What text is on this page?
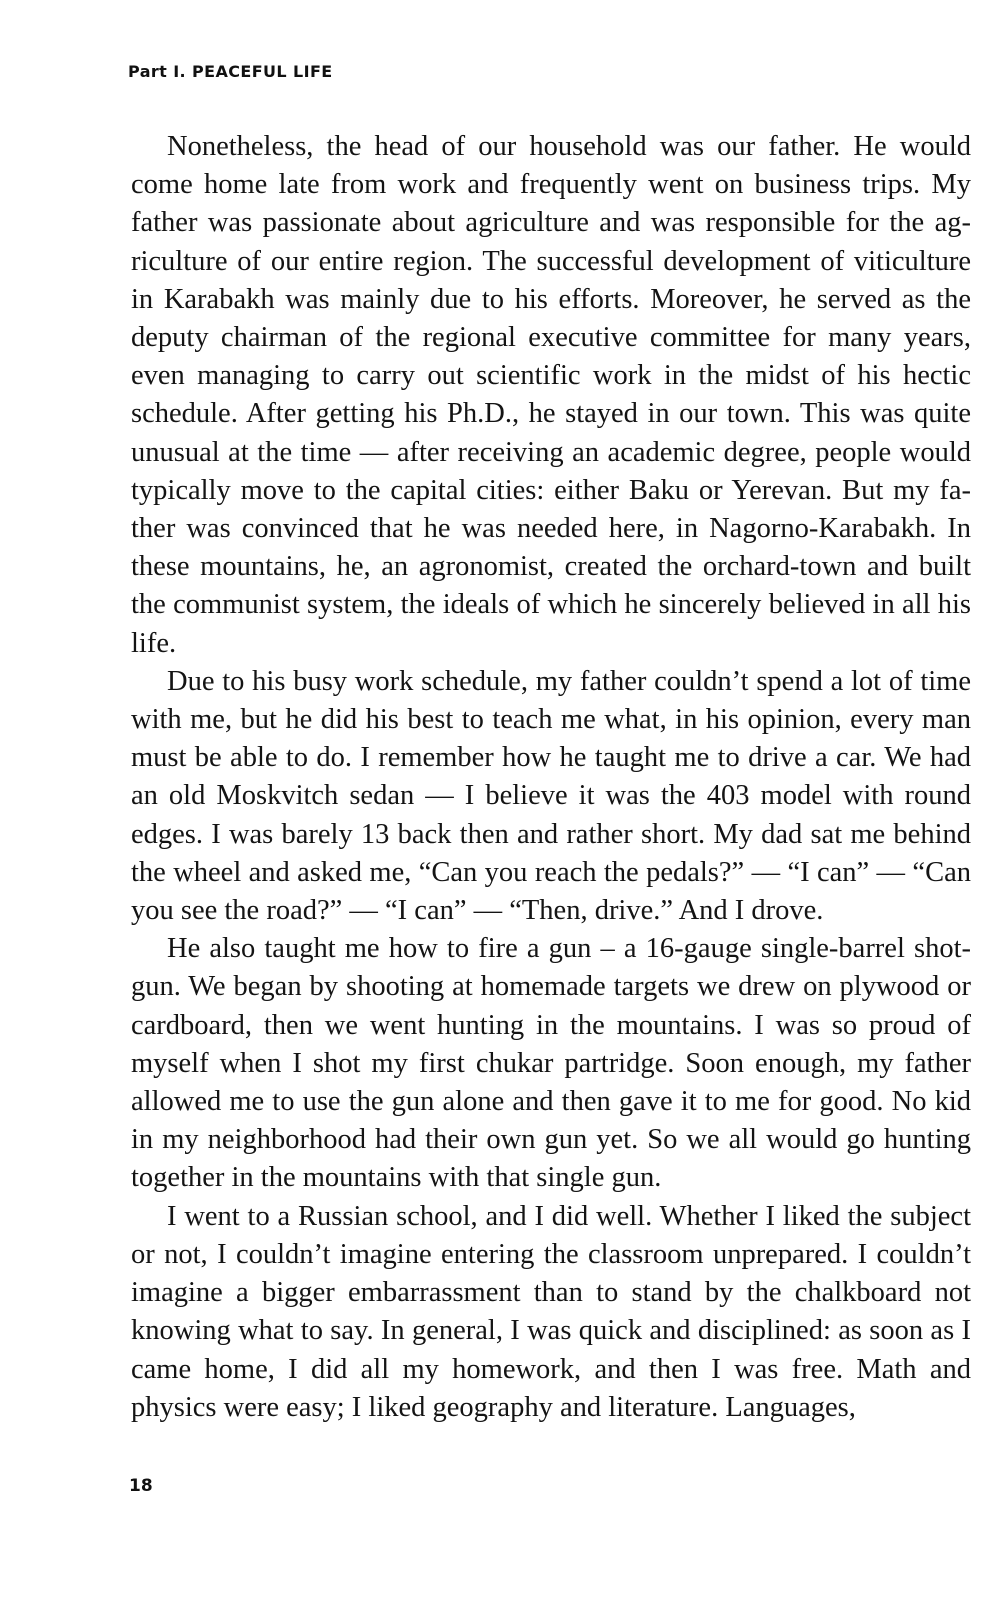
Part I. PEACEFUL LIFE

Nonetheless, the head of our household was our father. He would come home late from work and frequently went on business trips. My father was passionate about agriculture and was responsible for the agriculture of our entire region. The successful development of viticulture in Karabakh was mainly due to his efforts. Moreover, he served as the deputy chairman of the regional executive committee for many years, even managing to carry out scientific work in the midst of his hectic schedule. After getting his Ph.D., he stayed in our town. This was quite unusual at the time — after receiving an academic degree, people would typically move to the capital cities: either Baku or Yerevan. But my father was convinced that he was needed here, in Nagorno-Karabakh. In these mountains, he, an agronomist, created the orchard-town and built the communist system, the ideals of which he sincerely believed in all his life.

Due to his busy work schedule, my father couldn’t spend a lot of time with me, but he did his best to teach me what, in his opinion, every man must be able to do. I remember how he taught me to drive a car. We had an old Moskvitch sedan — I believe it was the 403 model with round edges. I was barely 13 back then and rather short. My dad sat me behind the wheel and asked me, “Can you reach the pedals?” — “I can” — “Can you see the road?” — “I can” — “Then, drive.” And I drove.

He also taught me how to fire a gun – a 16-gauge single-barrel shotgun. We began by shooting at homemade targets we drew on plywood or cardboard, then we went hunting in the mountains. I was so proud of myself when I shot my first chukar partridge. Soon enough, my father allowed me to use the gun alone and then gave it to me for good. No kid in my neighborhood had their own gun yet. So we all would go hunting together in the mountains with that single gun.

I went to a Russian school, and I did well. Whether I liked the subject or not, I couldn’t imagine entering the classroom unprepared. I couldn’t imagine a bigger embarrassment than to stand by the chalkboard not knowing what to say. In general, I was quick and disciplined: as soon as I came home, I did all my homework, and then I was free. Math and physics were easy; I liked geography and literature. Languages,

18
